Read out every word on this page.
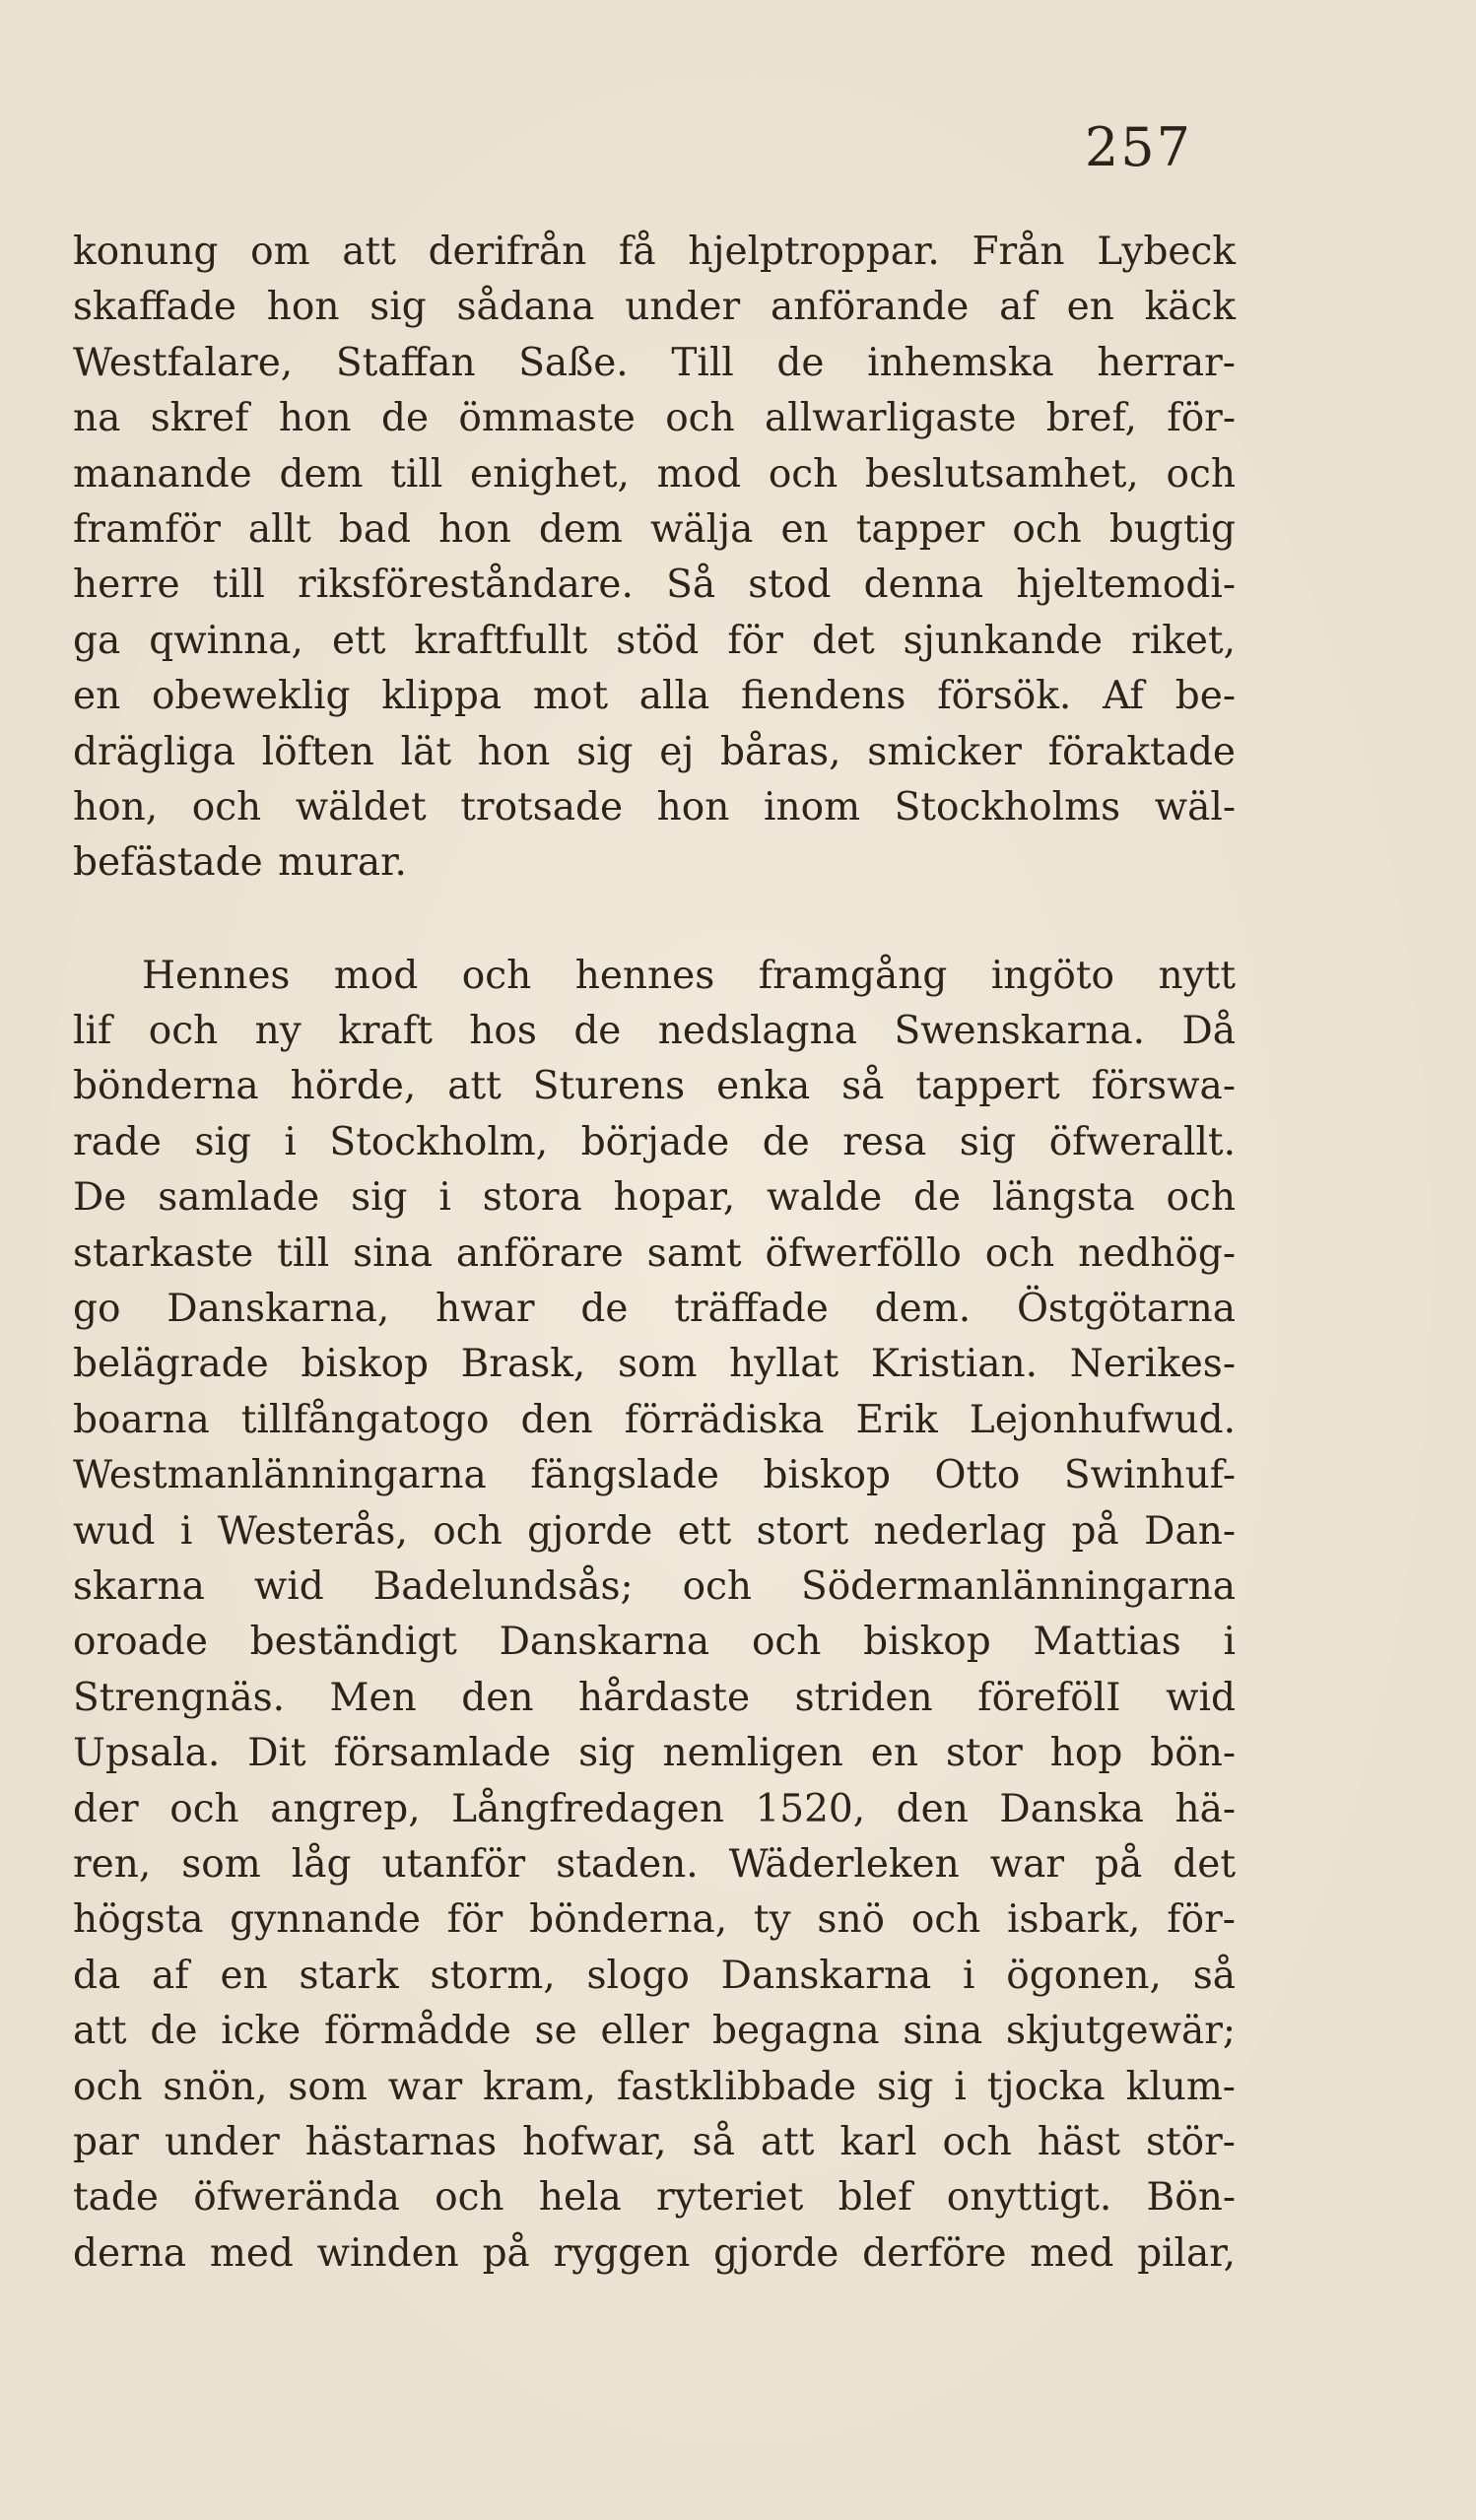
257
konung om att derifrån få hjelptroppar. Från Lybeck
skaffade hon sig sådana under anförande af en käck
Westfalare, Staffan Saße. Till de inhemska herrar-
na skref hon de ömmaste och allwarligaste bref, för-
manande dem till enighet, mod och beslutsamhet, och
framför allt bad hon dem wälja en tapper och bugtig
herre till riksföreståndare. Så stod denna hjeltemodi-
ga qwinna, ett kraftfullt stöd för det sjunkande riket,
en obeweklig klippa mot alla fiendens försök. Af be-
drägliga löften lät hon sig ej båras, smicker föraktade
hon, och wäldet trotsade hon inom Stockholms wäl-
befästade murar.
Hennes mod och hennes framgång ingöto nytt
lif och ny kraft hos de nedslagna Swenskarna. Då
bönderna hörde, att Sturens enka så tappert förswa-
rade sig i Stockholm, började de resa sig öfwerallt.
De samlade sig i stora hopar, walde de längsta och
starkaste till sina anförare samt öfwerföllo och nedhög-
go Danskarna, hwar de träffade dem. Östgötarna
belägrade biskop Brask, som hyllat Kristian. Nerikes-
boarna tillfångatogo den förrädiska Erik Lejonhufwud.
Westmanlänningarna fängslade biskop Otto Swinhuf-
wud i Westerås, och gjorde ett stort nederlag på Dan-
skarna wid Badelundsås; och Södermanlänningarna
oroade beständigt Danskarna och biskop Mattias i
Strengnäs. Men den hårdaste striden förefölI wid
Upsala. Dit församlade sig nemligen en stor hop bön-
der och angrep, Långfredagen 1520, den Danska hä-
ren, som låg utanför staden. Wäderleken war på det
högsta gynnande för bönderna, ty snö och isbark, för-
da af en stark storm, slogo Danskarna i ögonen, så
att de icke förmådde se eller begagna sina skjutgewär;
och snön, som war kram, fastklibbade sig i tjocka klum-
par under hästarnas hofwar, så att karl och häst stör-
tade öfwerända och hela ryteriet blef onyttigt. Bön-
derna med winden på ryggen gjorde derföre med pilar,
